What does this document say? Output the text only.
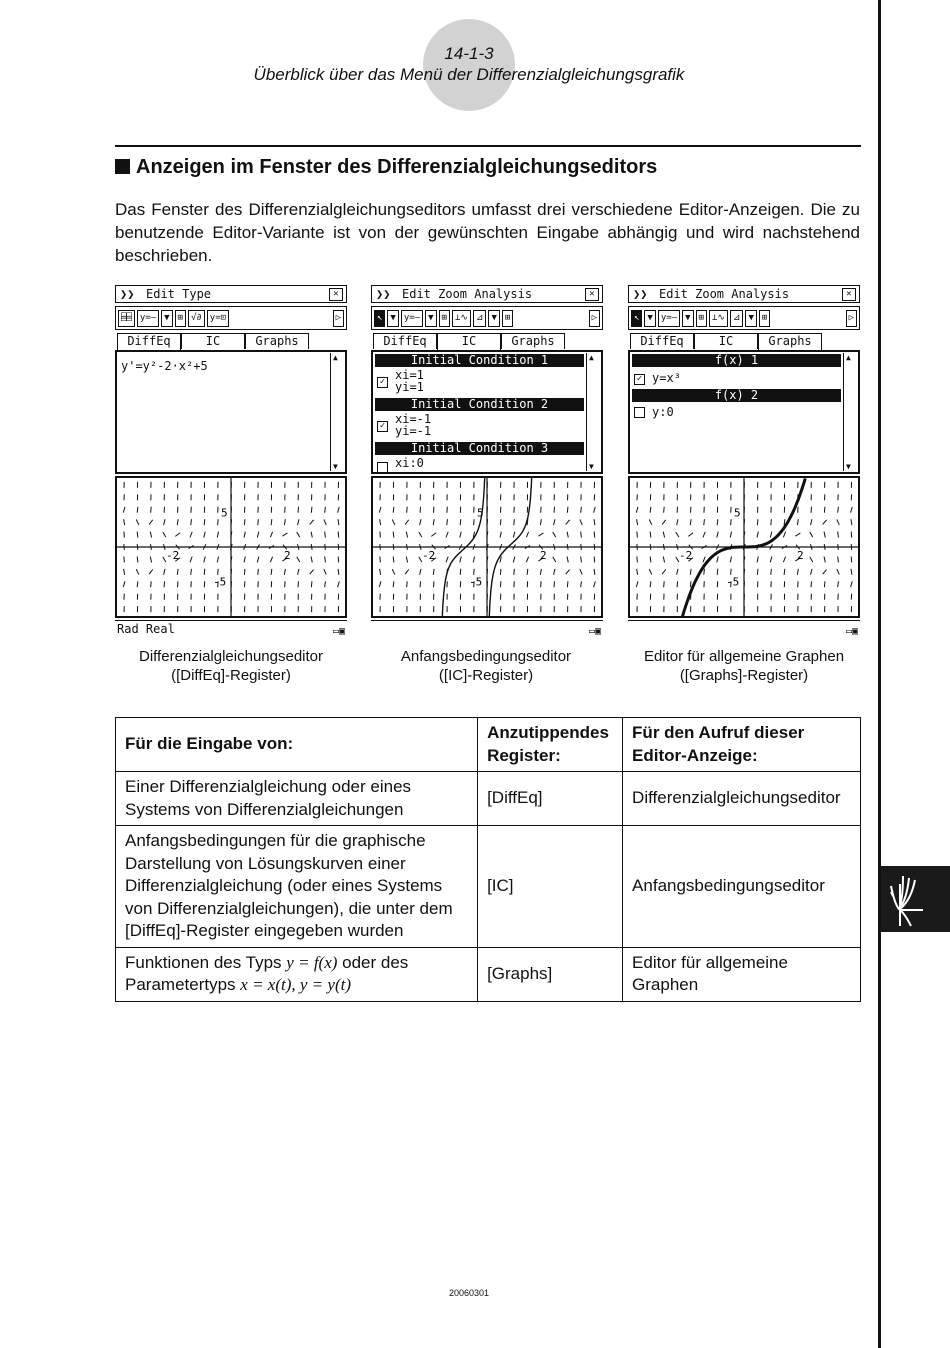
14-1-3
Überblick über das Menü der Differenzialgleichungsgrafik
Anzeigen im Fenster des Differenzialgleichungseditors
Das Fenster des Differenzialgleichungseditors umfasst drei verschiedene Editor-Anzeigen. Die zu benutzende Editor-Variante ist von der gewünschten Eingabe abhängig und wird nachstehend beschrieben.
❯❯ Edit Type	✕
⌸⌸ y=— ▼ ⊞ √∂ y=⊡	▷
DiffEq	IC	Graphs
y'=y²-2·x²+5
▲
▼
5
-5
-2	2
Rad Real	▭▣
Differenzialgleichungseditor
([DiffEq]-Register)
❯❯ Edit Zoom Analysis	✕
↖ ▼ y=— ▼ ⊞ ⊥∿ ⊿ ▼ ⊞	▷
DiffEq	IC	Graphs
Initial Condition 1
✓ xi=1
yi=1
Initial Condition 2
✓ xi=-1
yi=-1
Initial Condition 3
xi:0
▲
▼
5
-5
-2	2
▭▣
Anfangsbedingungseditor
([IC]-Register)
❯❯ Edit Zoom Analysis	✕
↖ ▼ y=— ▼ ⊞ ⊥∿ ⊿ ▼ ⊞	▷
DiffEq	IC	Graphs
f(x) 1
✓ y=x³
f(x) 2
y:0
▲
▼
5
-5
-2	2
▭▣
Editor für allgemeine Graphen
([Graphs]-Register)
Für die Eingabe von:	Anzutippendes Register:	Für den Aufruf dieser Editor-Anzeige:
Einer Differenzialgleichung oder eines Systems von Differenzialgleichungen	[DiffEq]	Differenzialgleichungseditor
Anfangsbedingungen für die graphische Darstellung von Lösungskurven einer Differenzialgleichung (oder eines Systems von Differenzialgleichungen), die unter dem [DiffEq]-Register eingegeben wurden	[IC]	Anfangsbedingungseditor
Funktionen des Typs y = f(x) oder des Parametertyps x = x(t), y = y(t)	[Graphs]	Editor für allgemeine Graphen
20060301
